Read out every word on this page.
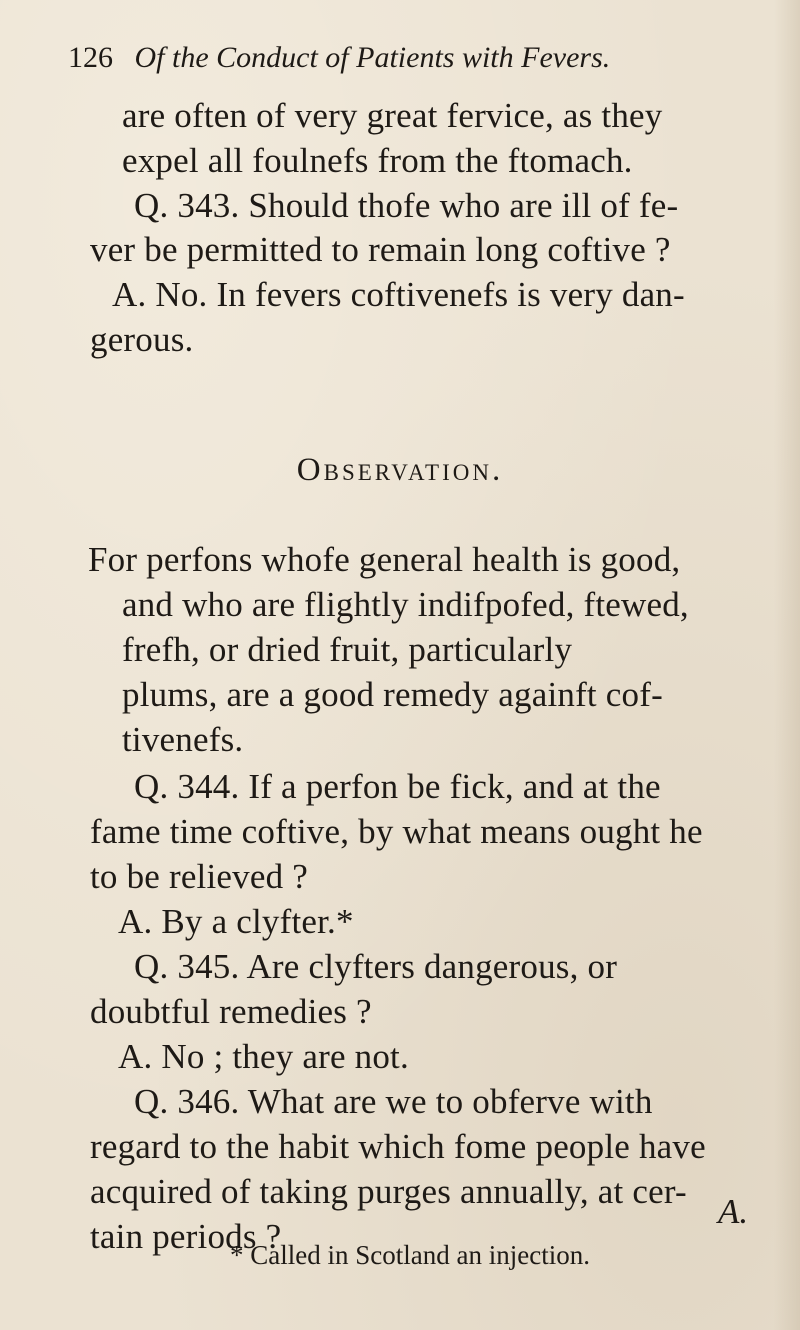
126 Of the Conduct of Patients with Fevers.
are often of very great fervice, as they
expel all foulnefs from the ftomach.
Q. 343. Should thofe who are ill of fe-
ver be permitted to remain long coftive ?
A. No. In fevers coftivenefs is very dan-
gerous.
Observation.
For perfons whofe general health is good,
and who are flightly indifpofed, ftewed,
frefh, or dried fruit, particularly
plums, are a good remedy againft cof-
tivenefs.
Q. 344. If a perfon be fick, and at the
fame time coftive, by what means ought he
to be relieved ?
A. By a clyfter.*
Q. 345. Are clyfters dangerous, or
doubtful remedies ?
A. No ; they are not.
Q. 346. What are we to obferve with
regard to the habit which fome people have
acquired of taking purges annually, at cer-
tain periods ?
A.
* Called in Scotland an injection.
